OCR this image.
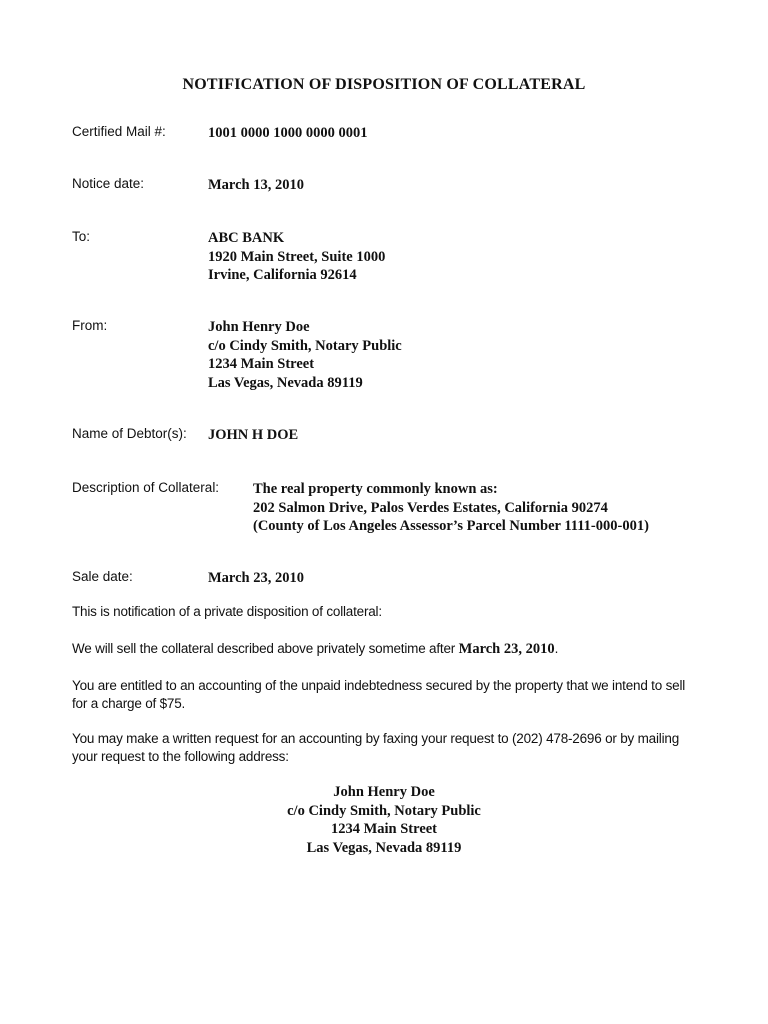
NOTIFICATION OF DISPOSITION OF COLLATERAL
Certified Mail #:	1001 0000 1000 0000 0001
Notice date:	March 13, 2010
To:	ABC BANK
1920 Main Street, Suite 1000
Irvine, California 92614
From:	John Henry Doe
c/o Cindy Smith, Notary Public
1234 Main Street
Las Vegas, Nevada 89119
Name of Debtor(s): JOHN H DOE
Description of Collateral: The real property commonly known as:
202 Salmon Drive, Palos Verdes Estates, California 90274
(County of Los Angeles Assessor’s Parcel Number 1111-000-001)
Sale date:	March 23, 2010
This is notification of a private disposition of collateral:
We will sell the collateral described above privately sometime after March 23, 2010.
You are entitled to an accounting of the unpaid indebtedness secured by the property that we intend to sell for a charge of $75.
You may make a written request for an accounting by faxing your request to (202) 478-2696 or by mailing your request to the following address:
John Henry Doe
c/o Cindy Smith, Notary Public
1234 Main Street
Las Vegas, Nevada 89119
